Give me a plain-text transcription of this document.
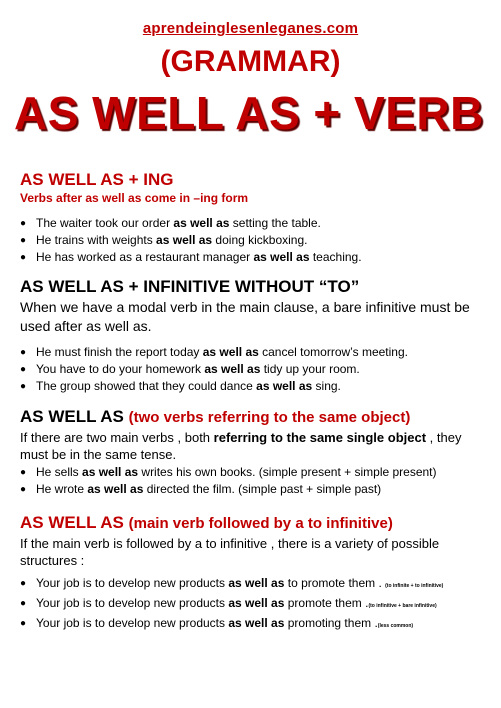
aprendeinglesenleganes.com
(GRAMMAR)
AS WELL AS + VERB
AS WELL AS + ING
Verbs after as well as come in –ing form
● The waiter took our order as well as setting the table.
● He trains with weights as well as doing kickboxing.
● He has worked as a restaurant manager as well as teaching.
AS WELL AS + INFINITIVE WITHOUT “TO”
When we have a modal verb in the main clause, a bare infinitive must be used after as well as.
● He must finish the report today as well as cancel tomorrow’s meeting.
● You have to do your homework as well as tidy up your room.
● The group showed that they could dance as well as sing.
AS WELL AS (two verbs referring to the same object)
If there are two main verbs , both referring to the same single object , they must be in the same tense.
● He sells as well as writes his own books. (simple present + simple present)
● He wrote as well as directed the film. (simple past + simple past)
AS WELL AS (main verb followed by a to infinitive)
If the main verb is followed by a to infinitive , there is a variety of possible structures :
● Your job is to develop new products as well as to promote them . (to infinite + to infinitive)
● Your job is to develop new products as well as promote them .(to infinitive + bare infinitive)
● Your job is to develop new products as well as promoting them .(less common)
